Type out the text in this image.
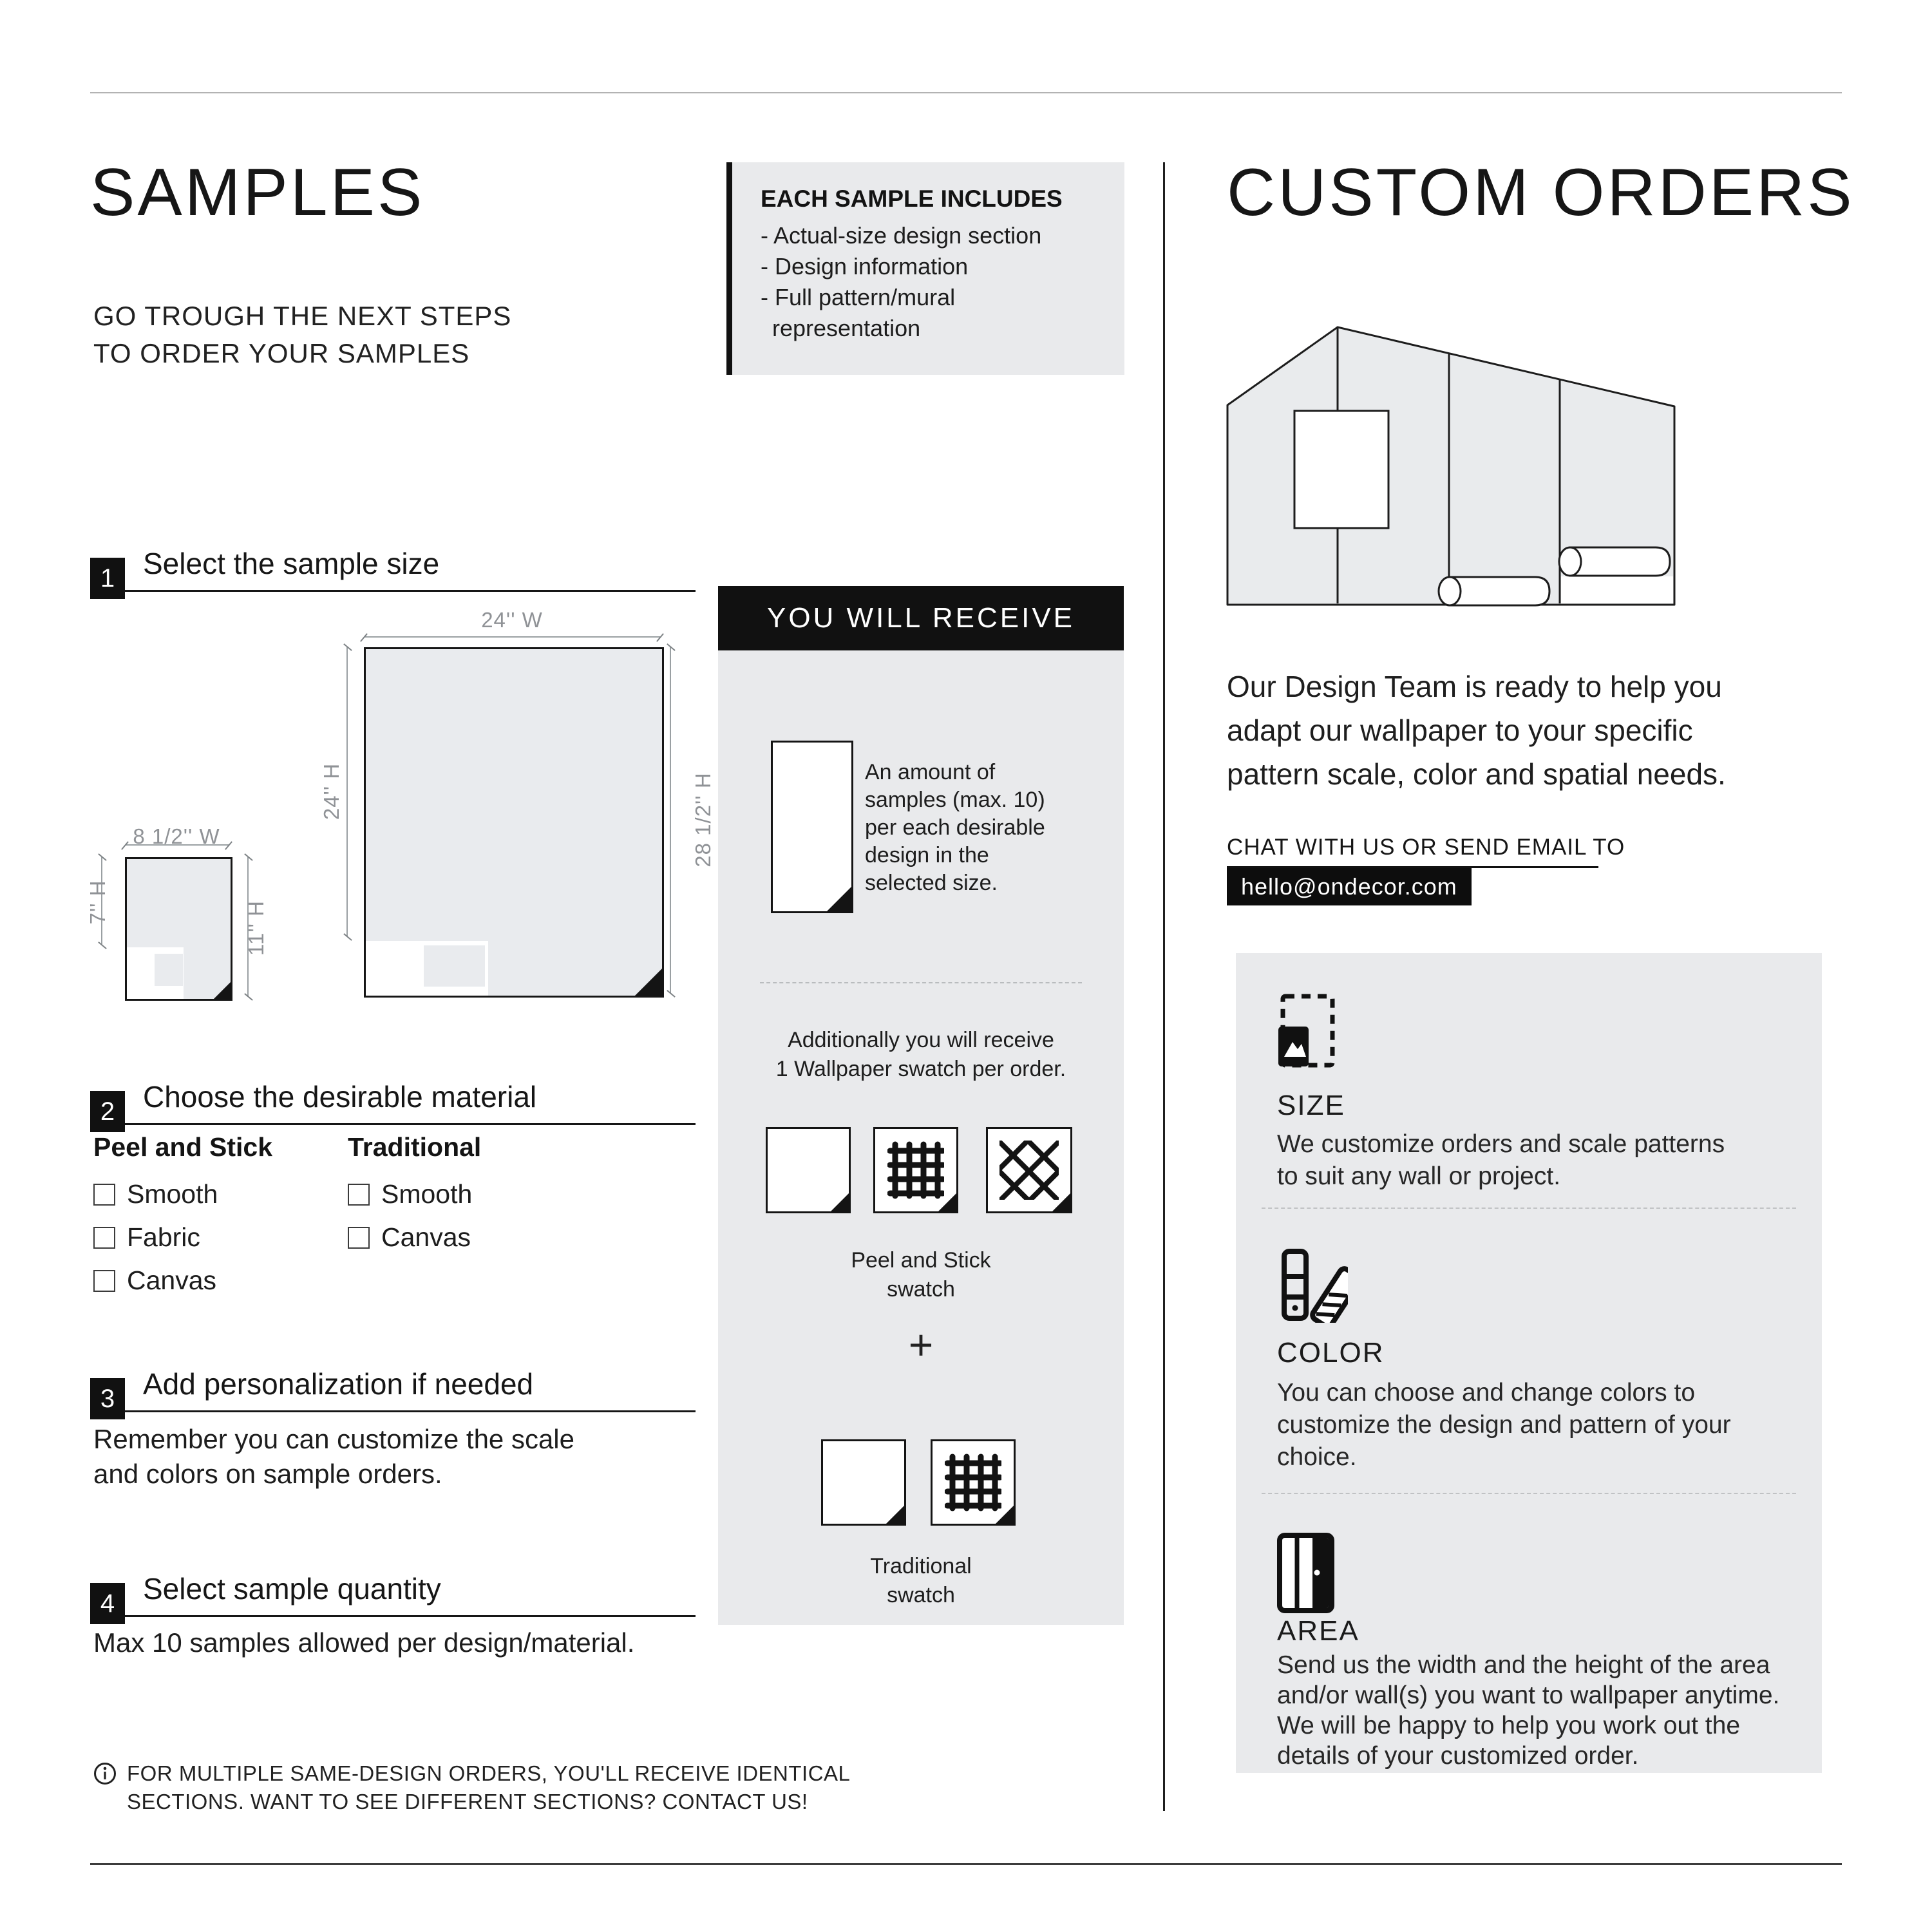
SAMPLES
GO TROUGH THE NEXT STEPS
TO ORDER YOUR SAMPLES
1 Select the sample size
24'' W
24'' H	28 1/2'' H
8 1/2'' W
7'' H	11'' H
2 Choose the desirable material
Peel and Stick
Smooth
Fabric
Canvas
Traditional
Smooth
Canvas
3 Add personalization if needed
Remember you can customize the scale
and colors on sample orders.
4 Select sample quantity
Max 10 samples allowed per design/material.
FOR MULTIPLE SAME-DESIGN ORDERS, YOU'LL RECEIVE IDENTICAL
SECTIONS. WANT TO SEE DIFFERENT SECTIONS? CONTACT US!
EACH SAMPLE INCLUDES
- Actual-size design section
- Design information
- Full pattern/mural
representation
YOU WILL RECEIVE
An amount of
samples (max. 10)
per each desirable
design in the
selected size.
Additionally you will receive
1 Wallpaper swatch per order.
Peel and Stick
swatch
+
Traditional
swatch
CUSTOM ORDERS
Our Design Team is ready to help you
adapt our wallpaper to your specific
pattern scale, color and spatial needs.
CHAT WITH US OR SEND EMAIL TO
hello@ondecor.com
SIZE
We customize orders and scale patterns
to suit any wall or project.
COLOR
You can choose and change colors to
customize the design and pattern of your
choice.
AREA
Send us the width and the height of the area
and/or wall(s) you want to wallpaper anytime.
We will be happy to help you work out the
details of your customized order.
